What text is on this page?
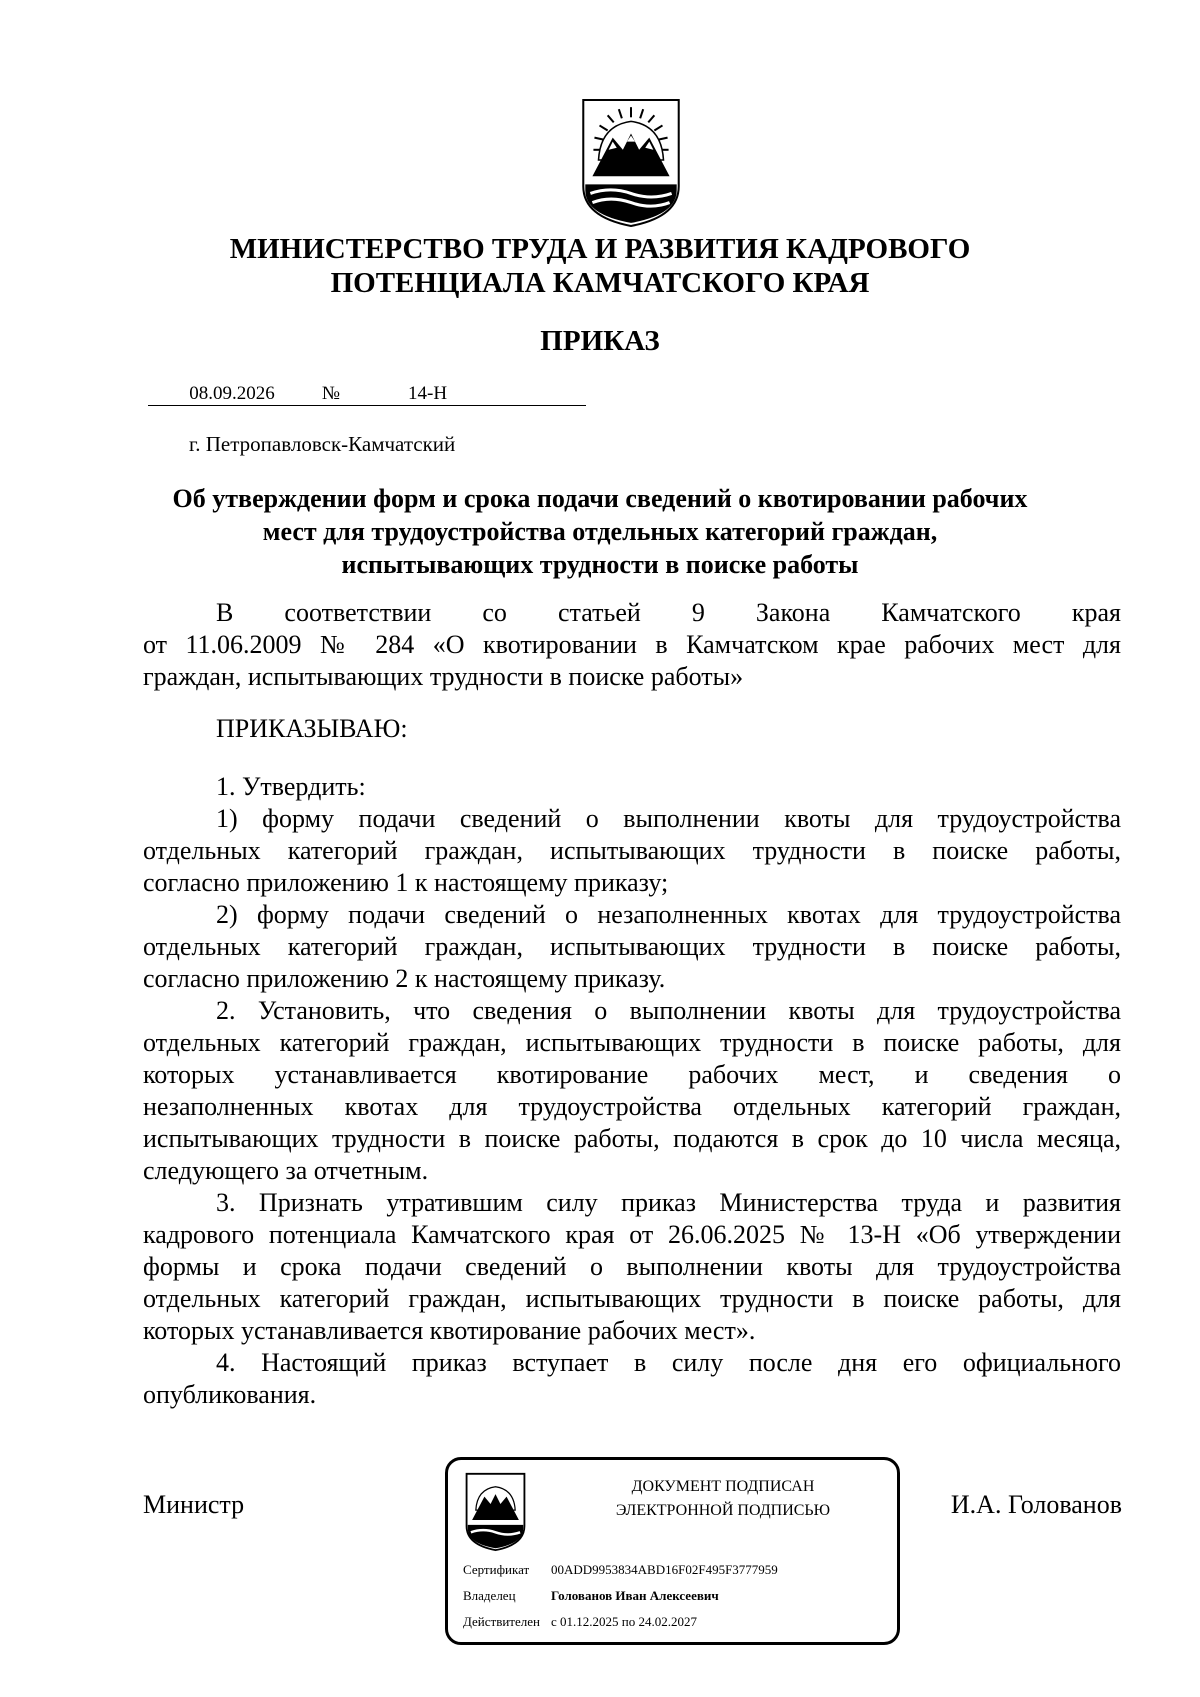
МИНИСТЕРСТВО ТРУДА И РАЗВИТИЯ КАДРОВОГО
ПОТЕНЦИАЛА КАМЧАТСКОГО КРАЯ
ПРИКАЗ
08.09.2026 №	14-Н
г. Петропавловск-Камчатский
Об утверждении форм и срока подачи сведений о квотировании рабочих
мест для трудоустройства отдельных категорий граждан,
испытывающих трудности в поиске работы
В соответствии со статьей 9 Закона Камчатского края
от 11.06.2009 № 284 «О квотировании в Камчатском крае рабочих мест для
граждан, испытывающих трудности в поиске работы»
ПРИКАЗЫВАЮ:
1. Утвердить:
1) форму подачи сведений о выполнении квоты для трудоустройства
отдельных категорий граждан, испытывающих трудности в поиске работы,
согласно приложению 1 к настоящему приказу;
2) форму подачи сведений о незаполненных квотах для трудоустройства
отдельных категорий граждан, испытывающих трудности в поиске работы,
согласно приложению 2 к настоящему приказу.
2. Установить, что сведения о выполнении квоты для трудоустройства
отдельных категорий граждан, испытывающих трудности в поиске работы, для
которых устанавливается квотирование рабочих мест, и сведения о
незаполненных квотах для трудоустройства отдельных категорий граждан,
испытывающих трудности в поиске работы, подаются в срок до 10 числа месяца,
следующего за отчетным.
3. Признать утратившим силу приказ Министерства труда и развития
кадрового потенциала Камчатского края от 26.06.2025 № 13-Н «Об утверждении
формы и срока подачи сведений о выполнении квоты для трудоустройства
отдельных категорий граждан, испытывающих трудности в поиске работы, для
которых устанавливается квотирование рабочих мест».
4. Настоящий приказ вступает в силу после дня его официального
опубликования.
Министр	И.А. Голованов
ДОКУМЕНТ ПОДПИСАН
ЭЛЕКТРОННОЙ ПОДПИСЬЮ
Сертификат 00ADD9953834ABD16F02F495F3777959
Владелец	Голованов Иван Алексеевич
Действителен с 01.12.2025 по 24.02.2027
